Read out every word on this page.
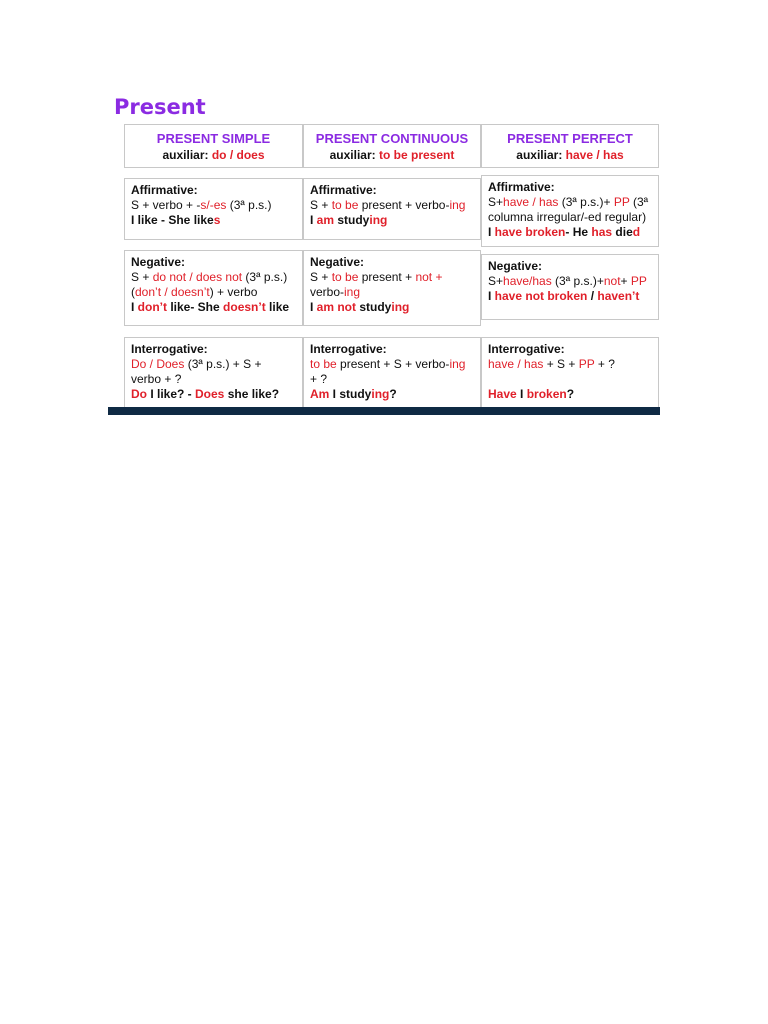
Present
PRESENT SIMPLE
auxiliar: do / does
PRESENT CONTINUOUS
auxiliar: to be present
PRESENT PERFECT
auxiliar: have / has
Affirmative:
S + verbo + -s/-es (3ª p.s.)
I like - She likes
Affirmative:
S + to be present + verbo-ing
I am studying
Affirmative:
S+have / has (3ª p.s.)+ PP (3ª
columna irregular/-ed regular)
I have broken- He has died
Negative:
S + do not / does not (3ª p.s.)
(don’t / doesn’t) + verbo
I don’t like- She doesn’t like
Negative:
S + to be present + not +
verbo-ing
I am not studying
Negative:
S+have/has (3ª p.s.)+not+ PP
I have not broken / haven’t
Interrogative:
Do / Does (3ª p.s.) + S +
verbo + ?
Do I like? - Does she like?
Interrogative:
to be present + S + verbo-ing
+ ?
Am I studying?
Interrogative:
have / has + S + PP + ?
Have I broken?
